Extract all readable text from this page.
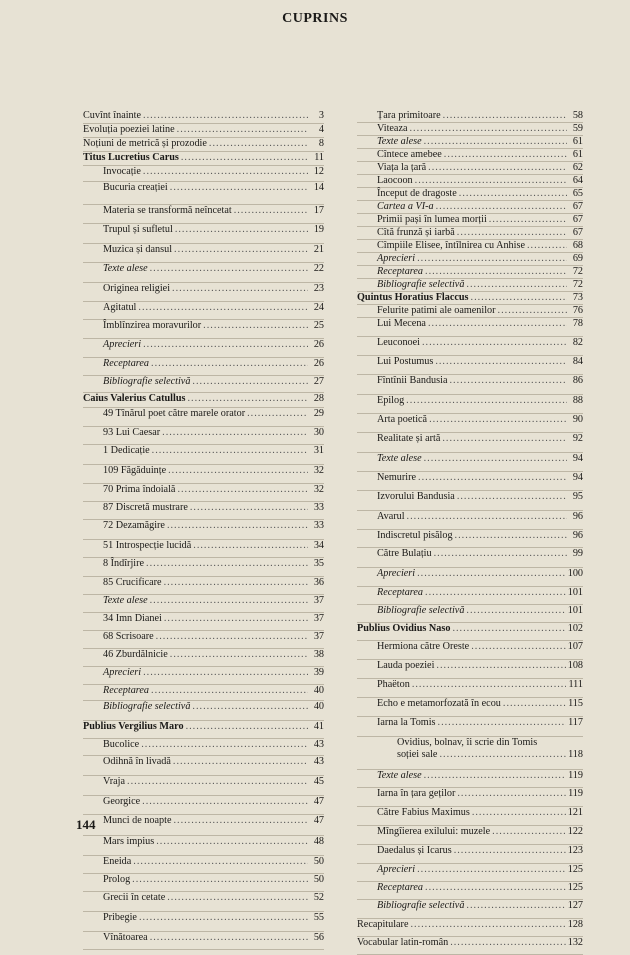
CUPRINS
Cuvînt înainte .....	3
Evoluția poeziei latine .....	4
Noțiuni de metrică și prozodie .....	8
Titus Lucretius Carus .....	11
Invocație .....	12
Bucuria creației .....	14
Materia se transformă neîncetat .....	17
Trupul și sufletul .....	19
Muzica și dansul .....	21
Texte alese .....	22
Originea religiei .....	23
Agitatul .....	24
Îmblînzirea moravurilor .....	25
Aprecieri .....	26
Receptarea .....	26
Bibliografie selectivă .....	27
Caius Valerius Catullus .....	28
49 Tînărul poet către marele orator .....	29
93 Lui Caesar .....	30
1 Dedicație .....	31
109 Făgăduințe .....	32
70 Prima îndoială .....	32
87 Discretă mustrare .....	33
72 Dezamăgire .....	33
51 Introspecție lucidă .....	34
8 Îndîrjire .....	35
85 Crucificare .....	36
Texte alese .....	37
34 Imn Dianei .....	37
68 Scrisoare .....	37
46 Zburdălnicie .....	38
Aprecieri .....	39
Receptarea .....	40
Bibliografie selectivă .....	40
Publius Vergilius Maro .....	41
Bucolice .....	43
Odihnă în livadă .....	43
Vraja .....	45
Georgice .....	47
Munci de noapte .....	47
Mars impius .....	48
Eneida .....	50
Prolog .....	50
Grecii în cetate .....	52
Pribegie .....	55
Vînătoarea .....	56
Țara primitoare .....	58
Viteaza .....	59
Texte alese .....	61
Cîntece amebee .....	61
Viața la țară .....	62
Laocoon .....	64
Început de dragoste .....	65
Cartea a VI-a .....	67
Primii pași în lumea morții .....	67
Cîtă frunză și iarbă .....	67
Cîmpiile Elisee, întîlnirea cu Anhise .....	68
Aprecieri .....	69
Receptarea .....	72
Bibliografie selectivă .....	72
Quintus Horatius Flaccus .....	73
Felurite patimi ale oamenilor .....	76
Lui Mecena .....	78
Leuconoei .....	82
Lui Postumus .....	84
Fîntînii Bandusia .....	86
Epilog .....	88
Arta poetică .....	90
Realitate și artă .....	92
Texte alese .....	94
Nemurire .....	94
Izvorului Bandusia .....	95
Avarul .....	96
Indiscretul pisălog .....	96
Către Bulațiu .....	99
Aprecieri .....	100
Receptarea .....	101
Bibliografie selectivă .....	101
Publius Ovidius Naso .....	102
Hermiona către Oreste .....	107
Lauda poeziei .....	108
Phaëton .....	111
Echo e metamorfozată în ecou .....	115
Iarna la Tomis .....	117
Ovidius, bolnav, îi scrie din Tomis
soției sale .....	118
Texte alese .....	119
Iarna în țara geților .....	119
Către Fabius Maximus .....	121
Mîngîierea exilului: muzele .....	122
Daedalus și Icarus .....	123
Aprecieri .....	125
Receptarea .....	125
Bibliografie selectivă .....	127
Recapitulare .....	128
Vocabular latin-român .....	132
144
